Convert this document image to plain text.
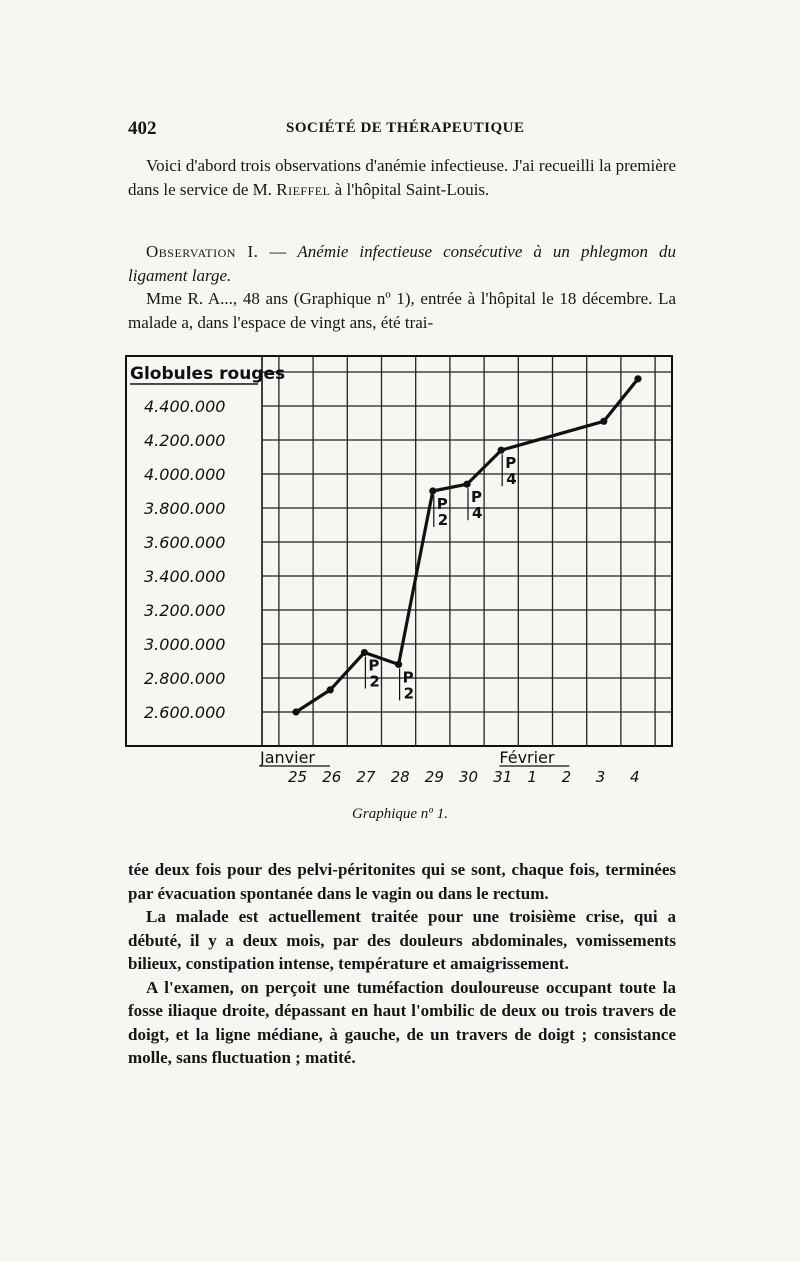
402	SOCIÉTÉ DE THÉRAPEUTIQUE

Voici d'abord trois observations d'anémie infectieuse. J'ai recueilli la première dans le service de M. Rieffel à l'hôpital Saint-Louis.

Observation I. — Anémie infectieuse consécutive à un phlegmon du ligament large.

Mme R. A..., 48 ans (Graphique nº 1), entrée à l'hôpital le 18 décembre. La malade a, dans l'espace de vingt ans, été trai-

Globules rouges
4.400.000
4.200.000
4.000.000
3.800.000
3.600.000
3.400.000
3.200.000
3.000.000
2.800.000
2.600.000
Janvier	Février
25 26 27 28 29 30 31 1 2 3 4
P
2 P
2
P
2
P
4
P
4
Graphique nº 1.

tée deux fois pour des pelvi-péritonites qui se sont, chaque fois, terminées par évacuation spontanée dans le vagin ou dans le rectum.

La malade est actuellement traitée pour une troisième crise, qui a débuté, il y a deux mois, par des douleurs abdominales, vomissements bilieux, constipation intense, température et amaigrissement.

A l'examen, on perçoit une tuméfaction douloureuse occupant toute la fosse iliaque droite, dépassant en haut l'ombilic de deux ou trois travers de doigt, et la ligne médiane, à gauche, de un travers de doigt ; consistance molle, sans fluctuation ; matité.
